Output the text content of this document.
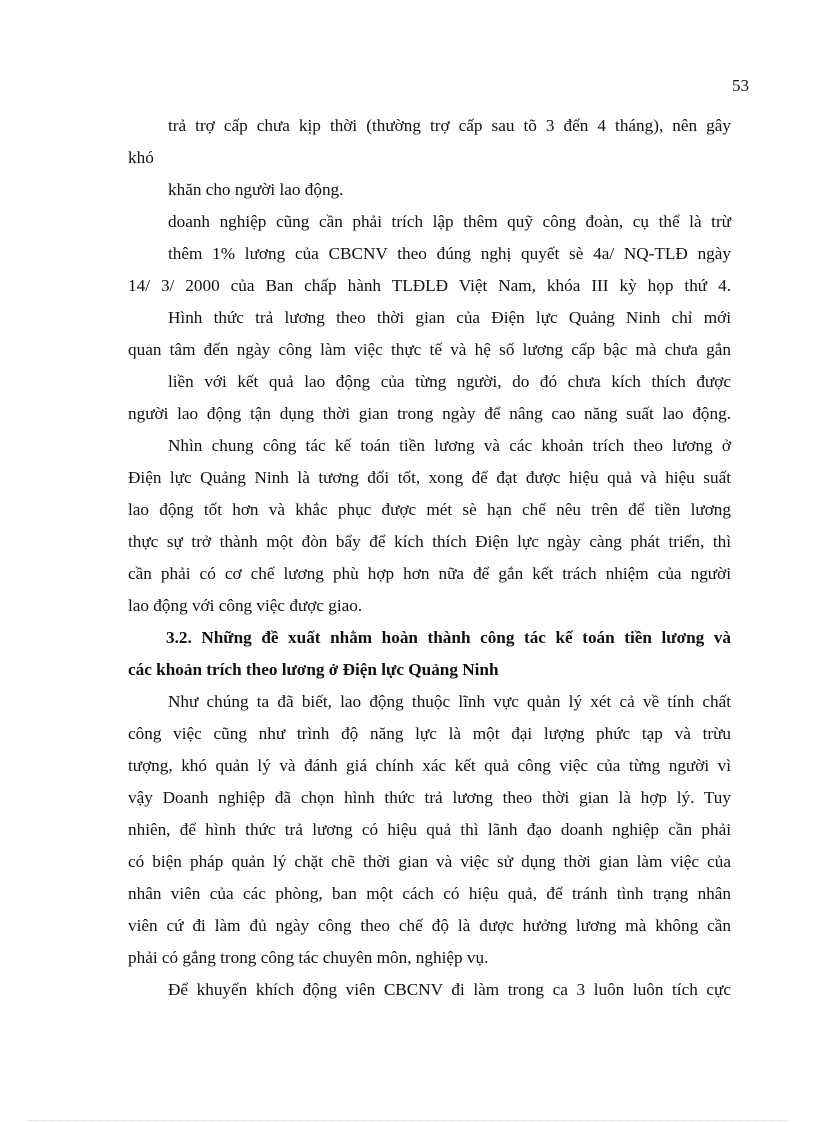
53
trả trợ cấp chưa kịp thời (thường trợ cấp sau tõ 3 đến 4 tháng), nên gây
khó
khăn cho người lao động.
doanh nghiệp cũng cần phải trích lập thêm quỹ công đoàn, cụ thể là trừ
thêm 1% lương của CBCNV theo đúng nghị quyết sè 4a/ NQ-TLĐ ngày
14/ 3/ 2000 của Ban chấp hành TLĐLĐ Việt Nam, khóa III kỳ họp thứ 4.
Hình thức trả lương theo thời gian của Điện lực Quảng Ninh chỉ mới
quan tâm đến ngày công làm việc thực tế và hệ số lương cấp bậc mà chưa gắn
liền với kết quả lao động của từng người, do đó chưa kích thích được
người lao động tận dụng thời gian trong ngày để nâng cao năng suất lao động.
Nhìn chung công tác kế toán tiền lương và các khoản trích theo lương ở
Điện lực Quảng Ninh là tương đối tốt, xong để đạt được hiệu quả và hiệu suất
lao động tốt hơn và khắc phục được mét sè hạn chế nêu trên để tiền lương
thực sự trở thành một đòn bẩy để kích thích Điện lực ngày càng phát triển, thì
cần phải có cơ chế lương phù hợp hơn nữa để gắn kết trách nhiệm của người
lao động với công việc được giao.
3.2. Những đề xuất nhằm hoàn thành công tác kế toán tiền lương và
các khoản trích theo lương ở Điện lực Quảng Ninh
Như chúng ta đã biết, lao động thuộc lĩnh vực quản lý xét cả về tính chất
công việc cũng như trình độ năng lực là một đại lượng phức tạp và trừu
tượng, khó quản lý và đánh giá chính xác kết quả công việc của từng người vì
vậy Doanh nghiệp đã chọn hình thức trả lương theo thời gian là hợp lý. Tuy
nhiên, để hình thức trả lương có hiệu quả thì lãnh đạo doanh nghiệp cần phải
có biện pháp quản lý chặt chẽ thời gian và việc sử dụng thời gian làm việc của
nhân viên của các phòng, ban một cách có hiệu quả, để tránh tình trạng nhân
viên cứ đi làm đủ ngày công theo chế độ là được hưởng lương mà không cần
phải có gắng trong công tác chuyên môn, nghiệp vụ.
Để khuyến khích động viên CBCNV đi làm trong ca 3 luôn luôn tích cực
